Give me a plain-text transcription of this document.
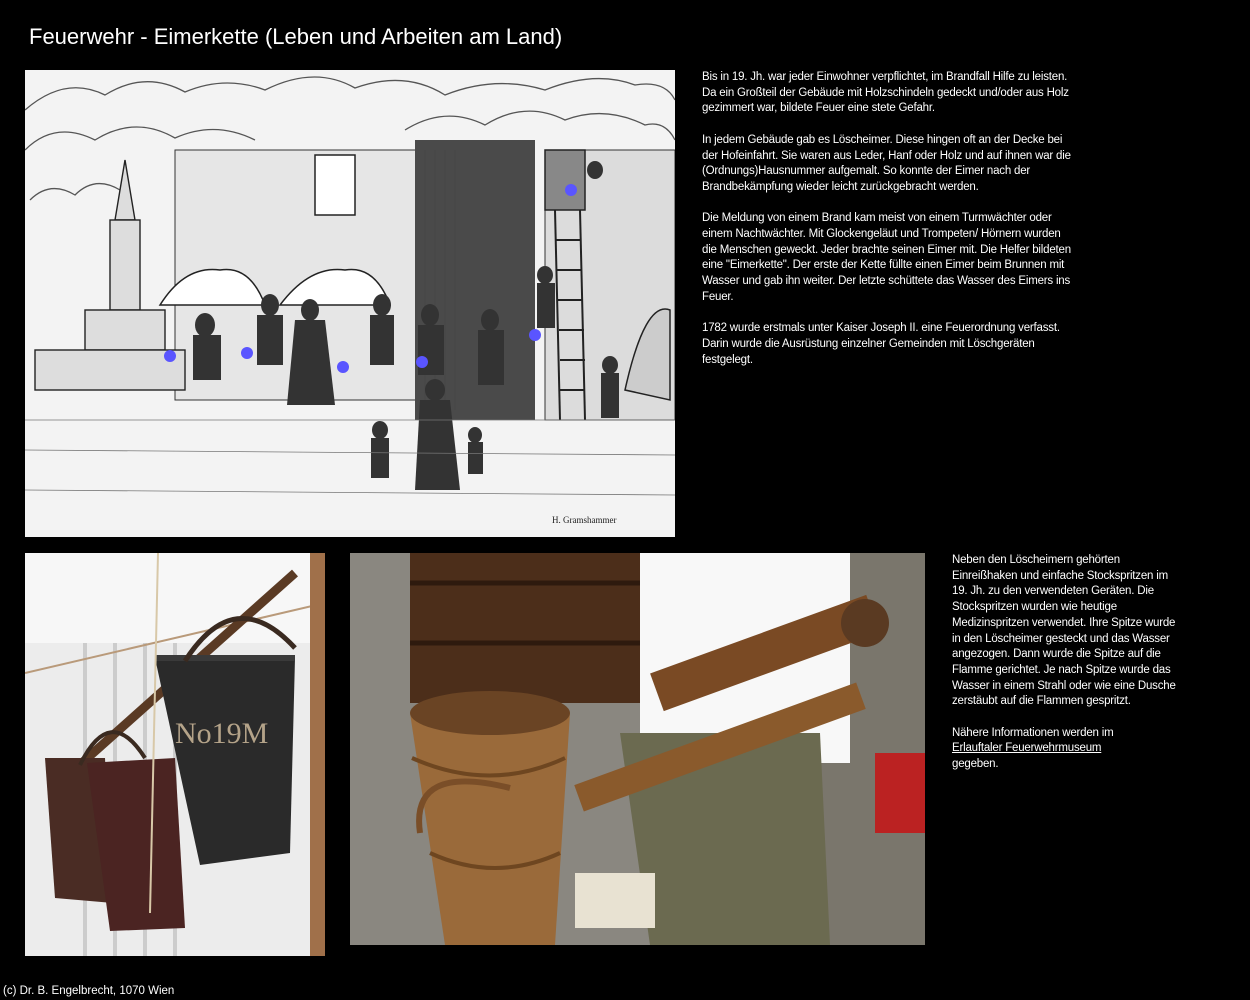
Feuerwehr - Eimerkette (Leben und Arbeiten am Land)
H. Gramshammer
No19M

Bis in 19. Jh. war jeder Einwohner verpflichtet, im Brandfall Hilfe zu leisten. Da ein Großteil der Gebäude mit Holzschindeln gedeckt und/oder aus Holz gezimmert war, bildete Feuer eine stete Gefahr.

In jedem Gebäude gab es Löscheimer. Diese hingen oft an der Decke bei der Hofeinfahrt. Sie waren aus Leder, Hanf oder Holz und auf ihnen war die (Ordnungs)Hausnummer aufgemalt. So konnte der Eimer nach der Brandbekämpfung wieder leicht zurückgebracht werden.

Die Meldung von einem Brand kam meist von einem Turmwächter oder einem Nachtwächter. Mit Glockengeläut und Trompeten/ Hörnern wurden die Menschen geweckt. Jeder brachte seinen Eimer mit. Die Helfer bildeten eine "Eimerkette". Der erste der Kette füllte einen Eimer beim Brunnen mit Wasser und gab ihn weiter. Der letzte schüttete das Wasser des Eimers ins Feuer.

1782 wurde erstmals unter Kaiser Joseph II. eine Feuerordnung verfasst. Darin wurde die Ausrüstung einzelner Gemeinden mit Löschgeräten festgelegt.

Neben den Löscheimern gehörten Einreißhaken und einfache Stockspritzen im 19. Jh. zu den verwendeten Geräten. Die Stockspritzen wurden wie heutige Medizinspritzen verwendet. Ihre Spitze wurde in den Löscheimer gesteckt und das Wasser angezogen. Dann wurde die Spitze auf die Flamme gerichtet. Je nach Spitze wurde das Wasser in einem Strahl oder wie eine Dusche zerstäubt auf die Flammen gespritzt.

Nähere Informationen werden im
Erlauftaler Feuerwehrmuseum
gegeben.

(c) Dr. B. Engelbrecht, 1070 Wien
